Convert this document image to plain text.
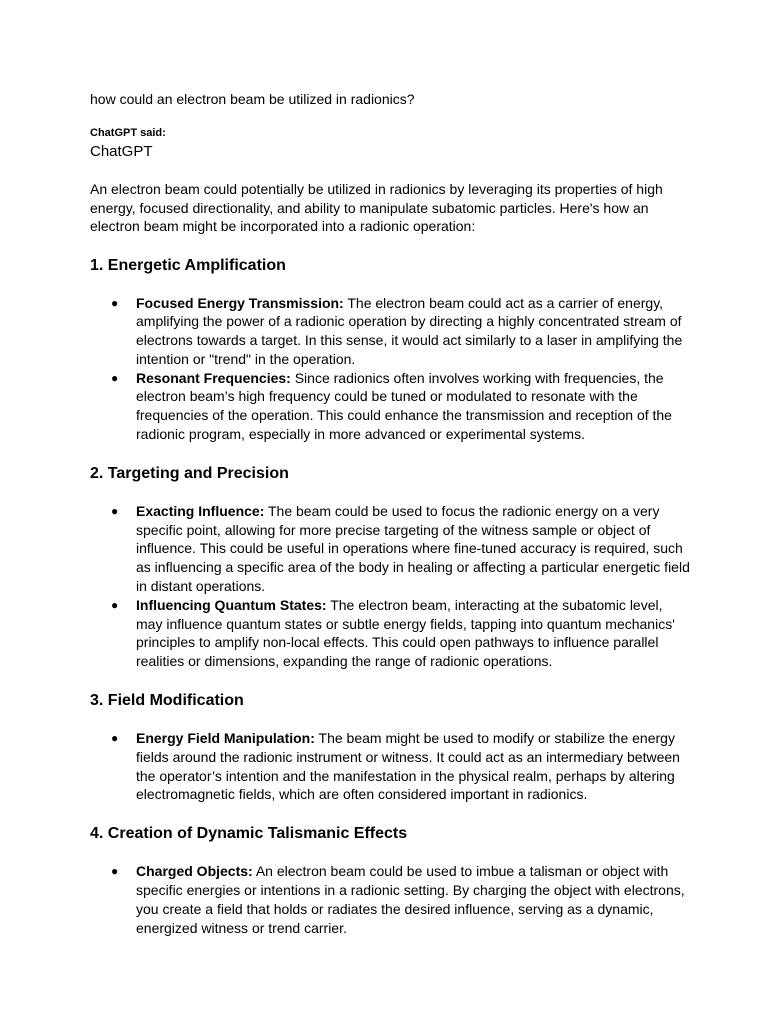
how could an electron beam be utilized in radionics?

ChatGPT said:

ChatGPT

An electron beam could potentially be utilized in radionics by leveraging its properties of high energy, focused directionality, and ability to manipulate subatomic particles. Here's how an electron beam might be incorporated into a radionic operation:

1. Energetic Amplification
● Focused Energy Transmission: The electron beam could act as a carrier of energy, amplifying the power of a radionic operation by directing a highly concentrated stream of electrons towards a target. In this sense, it would act similarly to a laser in amplifying the intention or "trend" in the operation.
● Resonant Frequencies: Since radionics often involves working with frequencies, the electron beam’s high frequency could be tuned or modulated to resonate with the frequencies of the operation. This could enhance the transmission and reception of the radionic program, especially in more advanced or experimental systems.
2. Targeting and Precision
● Exacting Influence: The beam could be used to focus the radionic energy on a very specific point, allowing for more precise targeting of the witness sample or object of influence. This could be useful in operations where fine-tuned accuracy is required, such as influencing a specific area of the body in healing or affecting a particular energetic field in distant operations.
● Influencing Quantum States: The electron beam, interacting at the subatomic level, may influence quantum states or subtle energy fields, tapping into quantum mechanics' principles to amplify non-local effects. This could open pathways to influence parallel realities or dimensions, expanding the range of radionic operations.
3. Field Modification
● Energy Field Manipulation: The beam might be used to modify or stabilize the energy fields around the radionic instrument or witness. It could act as an intermediary between the operator’s intention and the manifestation in the physical realm, perhaps by altering electromagnetic fields, which are often considered important in radionics.
4. Creation of Dynamic Talismanic Effects
● Charged Objects: An electron beam could be used to imbue a talisman or object with specific energies or intentions in a radionic setting. By charging the object with electrons, you create a field that holds or radiates the desired influence, serving as a dynamic, energized witness or trend carrier.
